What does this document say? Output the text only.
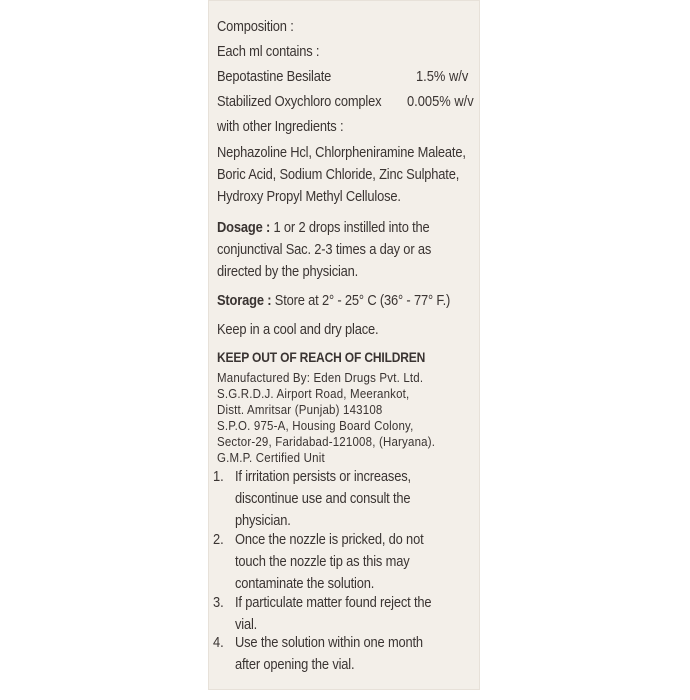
Composition :
Each ml contains :
Bepotastine Besilate	1.5% w/v
Stabilized Oxychloro complex 0.005% w/v
with other Ingredients :
Nephazoline Hcl, Chlorpheniramine Maleate,
Boric Acid, Sodium Chloride, Zinc Sulphate,
Hydroxy Propyl Methyl Cellulose.
Dosage : 1 or 2 drops instilled into the
conjunctival Sac. 2-3 times a day or as
directed by the physician.
Storage : Store at 2° - 25° C (36° - 77° F.)
Keep in a cool and dry place.
KEEP OUT OF REACH OF CHILDREN
Manufactured By: Eden Drugs Pvt. Ltd.
S.G.R.D.J. Airport Road, Meerankot,
Distt. Amritsar (Punjab) 143108
S.P.O. 975-A, Housing Board Colony,
Sector-29, Faridabad-121008, (Haryana).
G.M.P. Certified Unit
1. If irritation persists or increases,
discontinue use and consult the
physician.
2. Once the nozzle is pricked, do not
touch the nozzle tip as this may
contaminate the solution.
3. If particulate matter found reject the
vial.
4. Use the solution within one month
after opening the vial.
